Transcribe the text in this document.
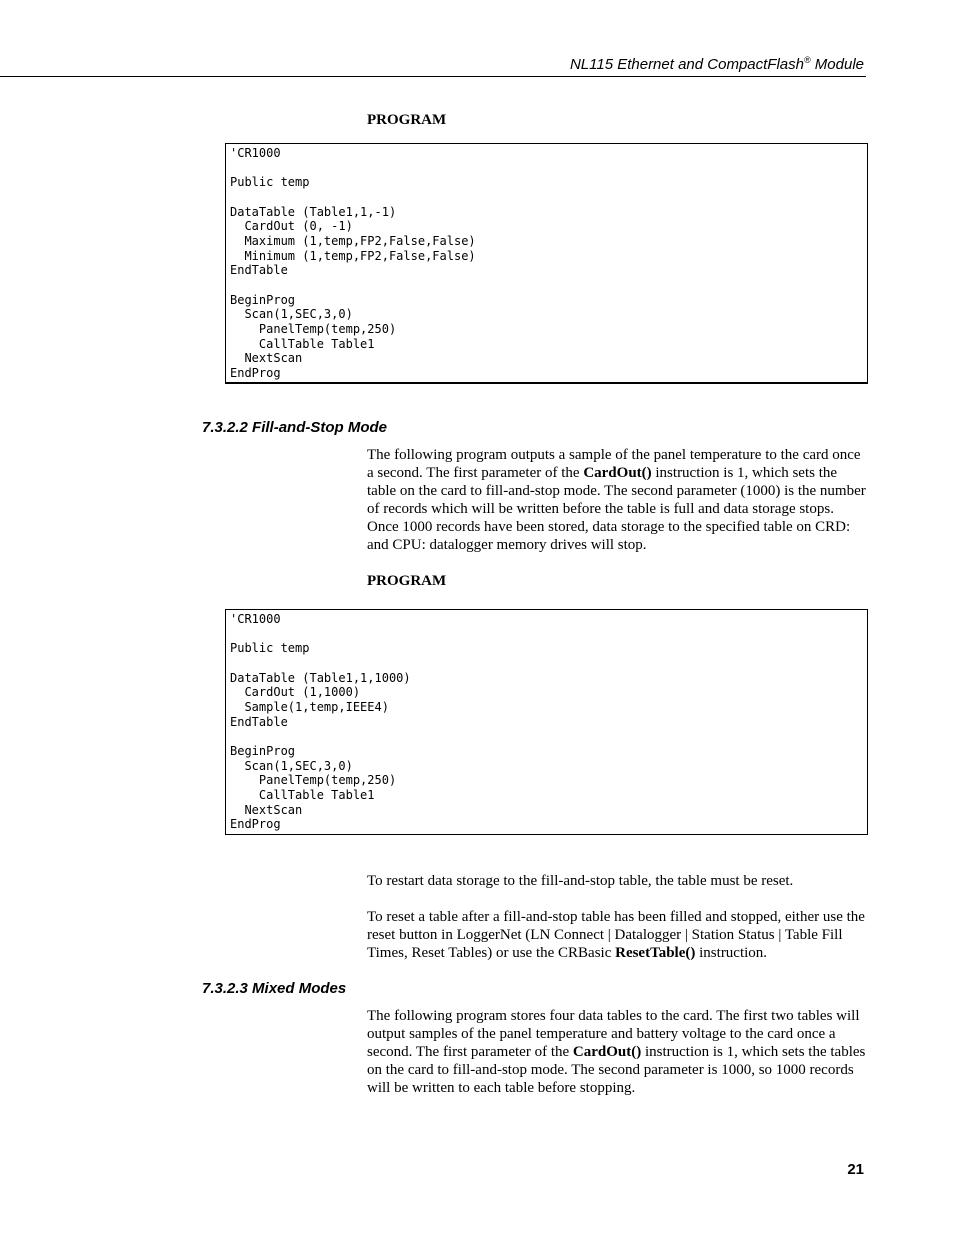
NL115 Ethernet and CompactFlash® Module
PROGRAM
'CR1000

Public temp

DataTable (Table1,1,-1)
CardOut (0, -1)
Maximum (1,temp,FP2,False,False)
Minimum (1,temp,FP2,False,False)
EndTable

BeginProg
Scan(1,SEC,3,0)
PanelTemp(temp,250)
CallTable Table1
NextScan
EndProg
7.3.2.2 Fill-and-Stop Mode
The following program outputs a sample of the panel temperature to the card once a second. The first parameter of the CardOut() instruction is 1, which sets the table on the card to fill-and-stop mode. The second parameter (1000) is the number of records which will be written before the table is full and data storage stops. Once 1000 records have been stored, data storage to the specified table on CRD: and CPU: datalogger memory drives will stop.
PROGRAM
'CR1000

Public temp

DataTable (Table1,1,1000)
CardOut (1,1000)
Sample(1,temp,IEEE4)
EndTable

BeginProg
Scan(1,SEC,3,0)
PanelTemp(temp,250)
CallTable Table1
NextScan
EndProg
To restart data storage to the fill-and-stop table, the table must be reset.
To reset a table after a fill-and-stop table has been filled and stopped, either use the reset button in LoggerNet (LN Connect | Datalogger | Station Status | Table Fill Times, Reset Tables) or use the CRBasic ResetTable() instruction.
7.3.2.3 Mixed Modes
The following program stores four data tables to the card. The first two tables will output samples of the panel temperature and battery voltage to the card once a second. The first parameter of the CardOut() instruction is 1, which sets the tables on the card to fill-and-stop mode. The second parameter is 1000, so 1000 records will be written to each table before stopping.
21
